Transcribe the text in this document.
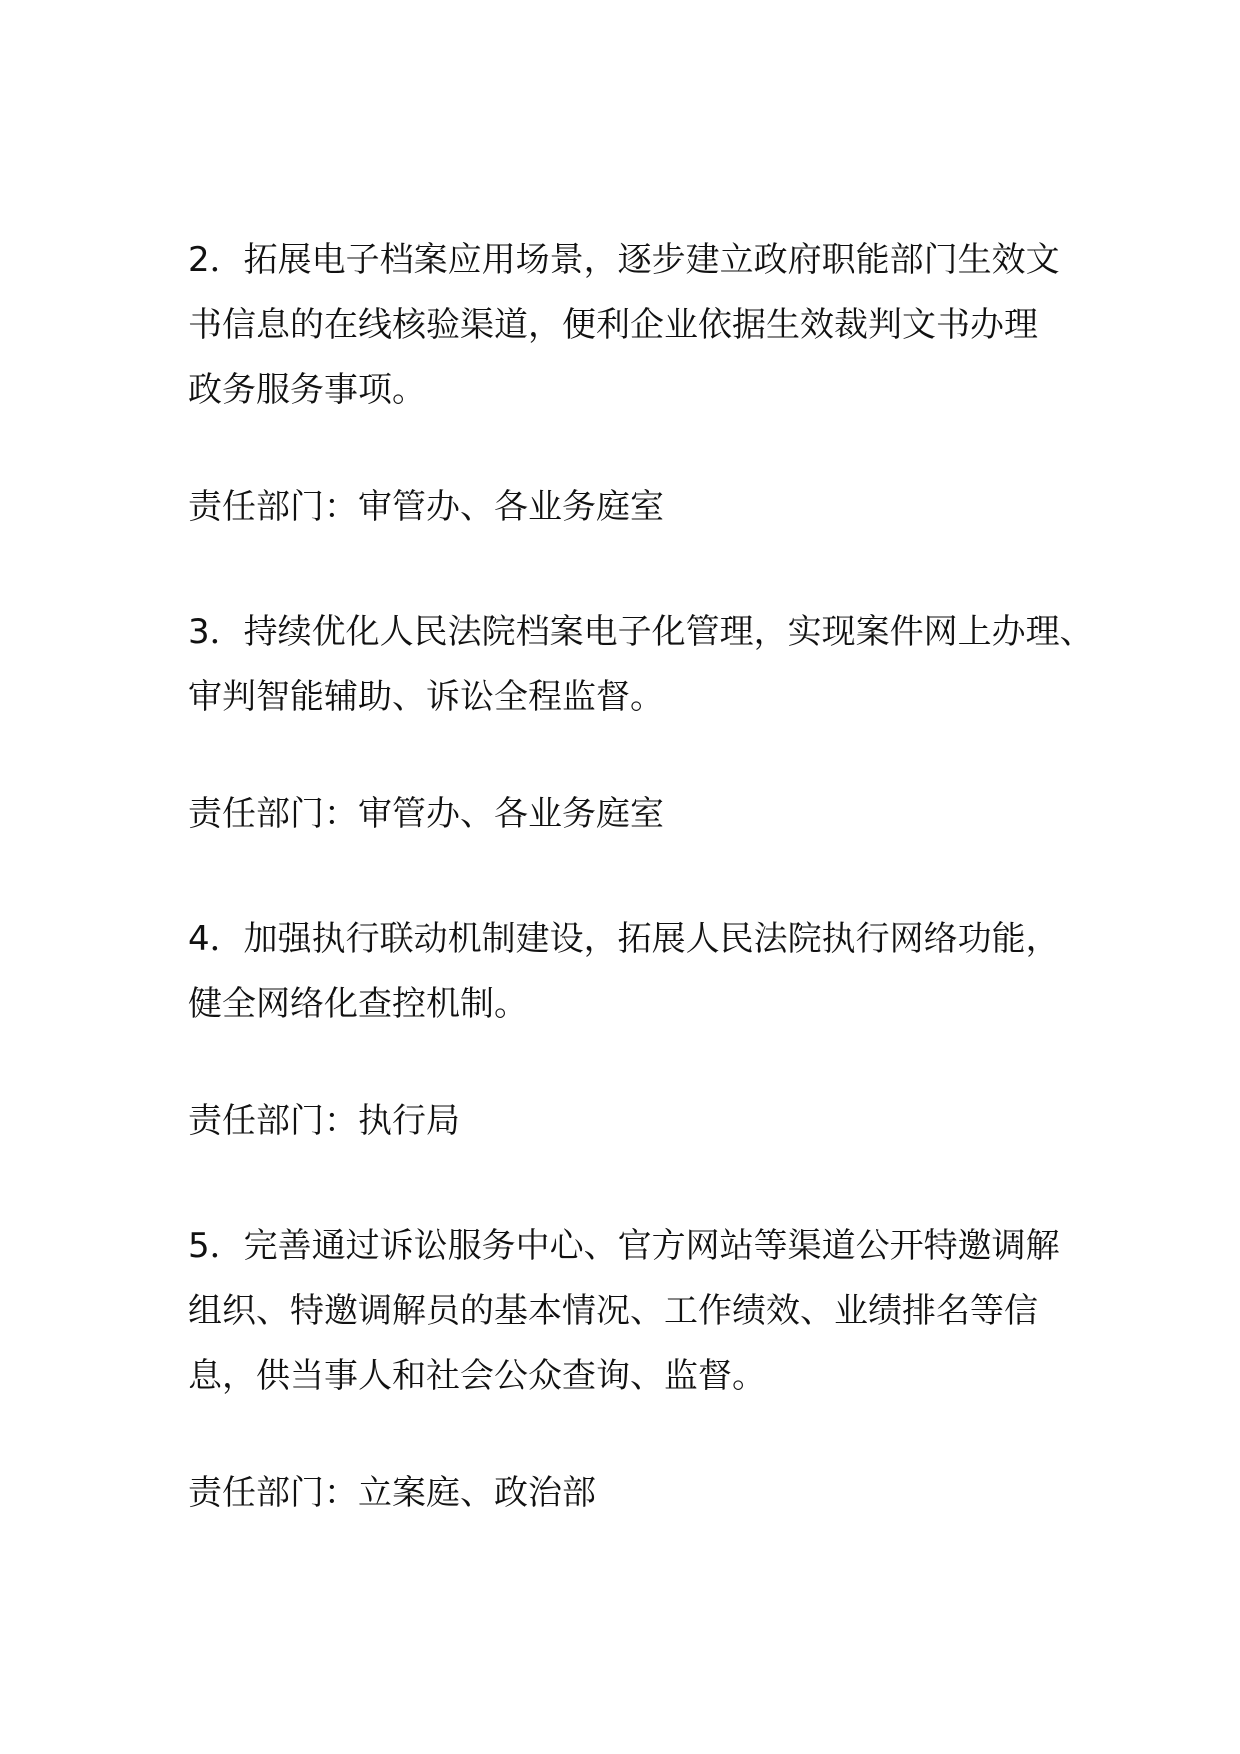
2．拓展电子档案应用场景，逐步建立政府职能部门生效文
书信息的在线核验渠道，便利企业依据生效裁判文书办理
政务服务事项。

责任部门：审管办、各业务庭室

3．持续优化人民法院档案电子化管理，实现案件网上办理、
审判智能辅助、诉讼全程监督。

责任部门：审管办、各业务庭室

4．加强执行联动机制建设，拓展人民法院执行网络功能，
健全网络化查控机制。

责任部门：执行局

5．完善通过诉讼服务中心、官方网站等渠道公开特邀调解
组织、特邀调解员的基本情况、工作绩效、业绩排名等信
息，供当事人和社会公众查询、监督。

责任部门：立案庭、政治部
